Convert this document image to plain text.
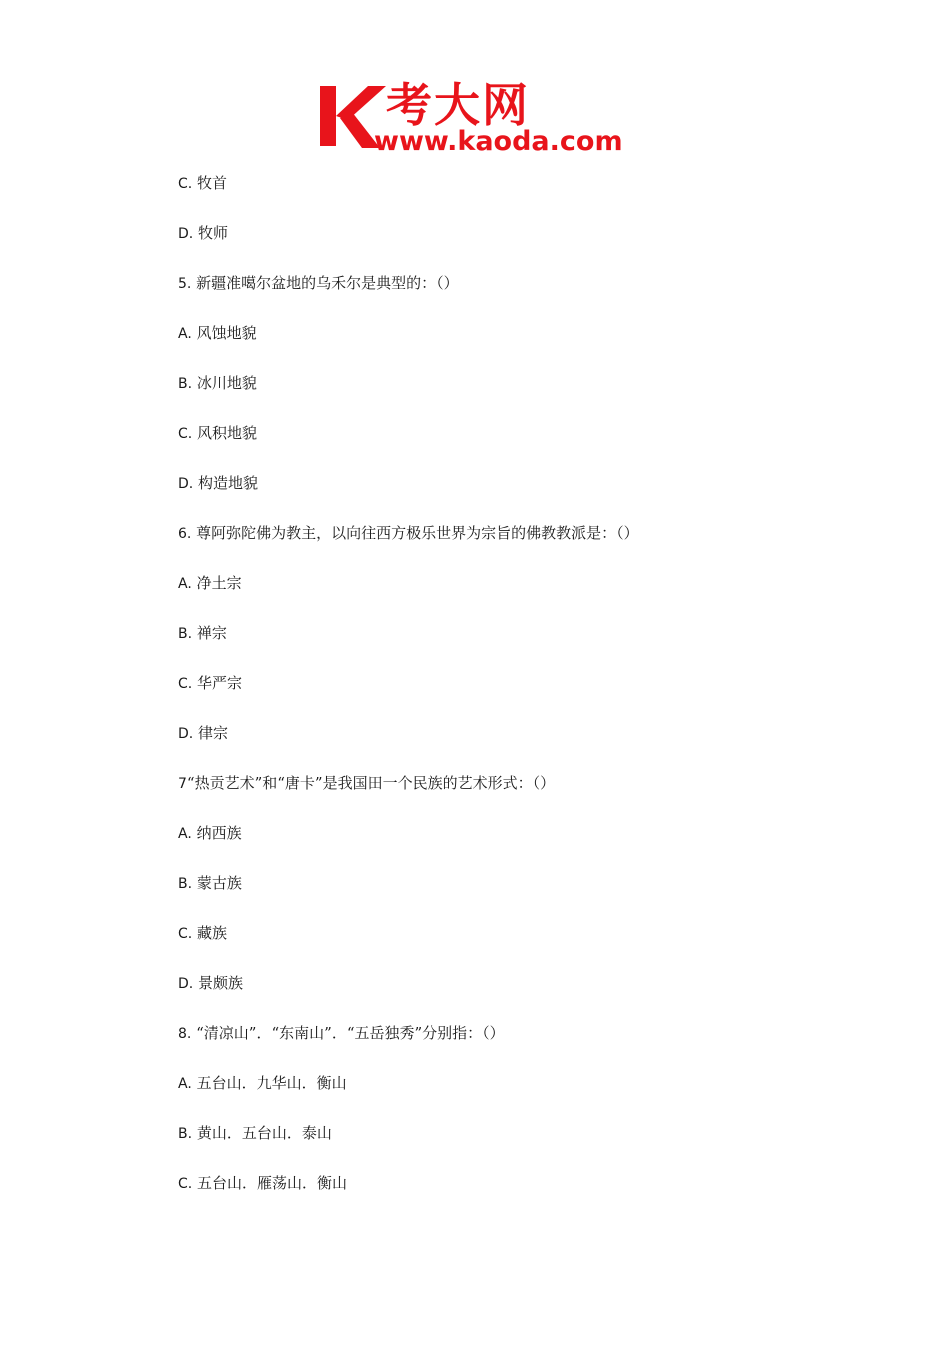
考大网
www.kaoda.com
C. 牧首
D. 牧师
5. 新疆准噶尔盆地的乌禾尔是典型的：（）
A. 风蚀地貌
B. 冰川地貌
C. 风积地貌
D. 构造地貌
6. 尊阿弥陀佛为教主，以向往西方极乐世界为宗旨的佛教教派是：（）
A. 净土宗
B. 禅宗
C. 华严宗
D. 律宗
7“热贡艺术”和“唐卡”是我国田一个民族的艺术形式：（）
A. 纳西族
B. 蒙古族
C. 藏族
D. 景颇族
8. “清凉山”．“东南山”．“五岳独秀”分别指：（）
A. 五台山．九华山．衡山
B. 黄山．五台山．泰山
C. 五台山．雁荡山．衡山
